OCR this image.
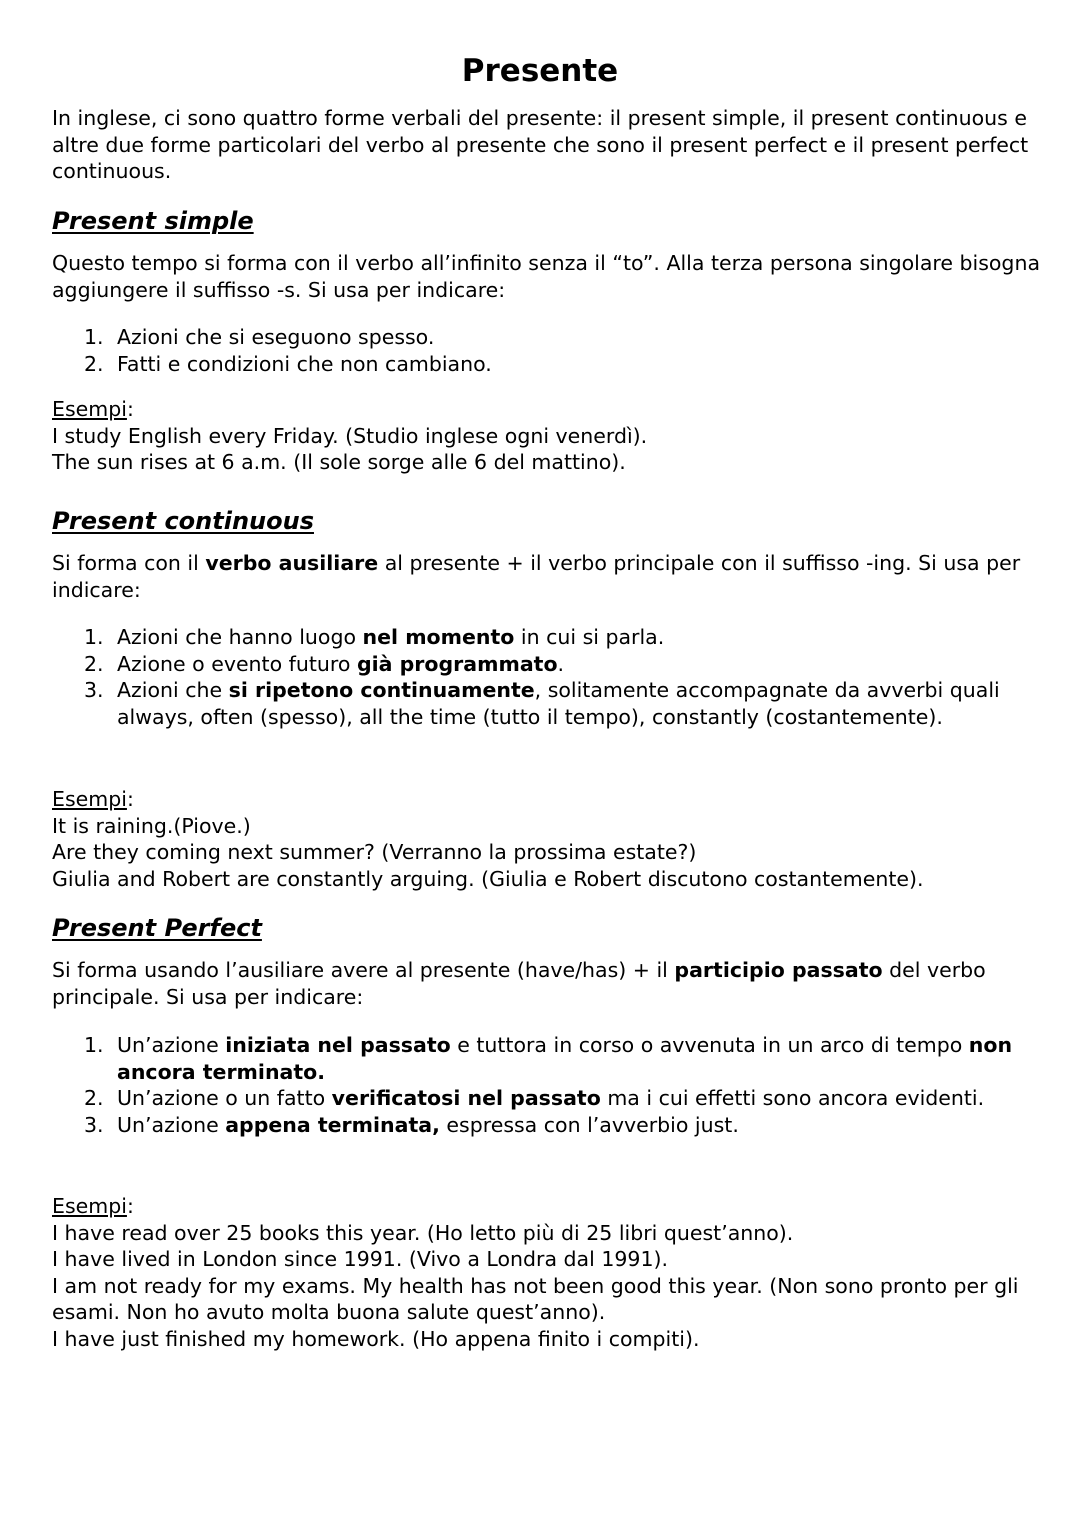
Presente

In inglese, ci sono quattro forme verbali del presente: il present simple, il present continuous e altre due forme particolari del verbo al presente che sono il present perfect e il present perfect continuous.

Present simple

Questo tempo si forma con il verbo all’infinito senza il “to”. Alla terza persona singolare bisogna aggiungere il suffisso -s. Si usa per indicare:

1. Azioni che si eseguono spesso.
2. Fatti e condizioni che non cambiano.
Esempi:
I study English every Friday. (Studio inglese ogni venerdì).
The sun rises at 6 a.m. (Il sole sorge alle 6 del mattino).
Present continuous

Si forma con il verbo ausiliare al presente + il verbo principale con il suffisso -ing. Si usa per indicare:

1. Azioni che hanno luogo nel momento in cui si parla.
2. Azione o evento futuro già programmato.
3. Azioni che si ripetono continuamente, solitamente accompagnate da avverbi quali always, often (spesso), all the time (tutto il tempo), constantly (costantemente).
Esempi:
It is raining.(Piove.)
Are they coming next summer? (Verranno la prossima estate?)
Giulia and Robert are constantly arguing. (Giulia e Robert discutono costantemente).
Present Perfect

Si forma usando l’ausiliare avere al presente (have/has) + il participio passato del verbo principale. Si usa per indicare:

1. Un’azione iniziata nel passato e tuttora in corso o avvenuta in un arco di tempo non ancora terminato.
2. Un’azione o un fatto verificatosi nel passato ma i cui effetti sono ancora evidenti.
3. Un’azione appena terminata, espressa con l’avverbio just.
Esempi:
I have read over 25 books this year. (Ho letto più di 25 libri quest’anno).
I have lived in London since 1991. (Vivo a Londra dal 1991).
I am not ready for my exams. My health has not been good this year. (Non sono pronto per gli esami. Non ho avuto molta buona salute quest’anno).
I have just finished my homework. (Ho appena finito i compiti).
